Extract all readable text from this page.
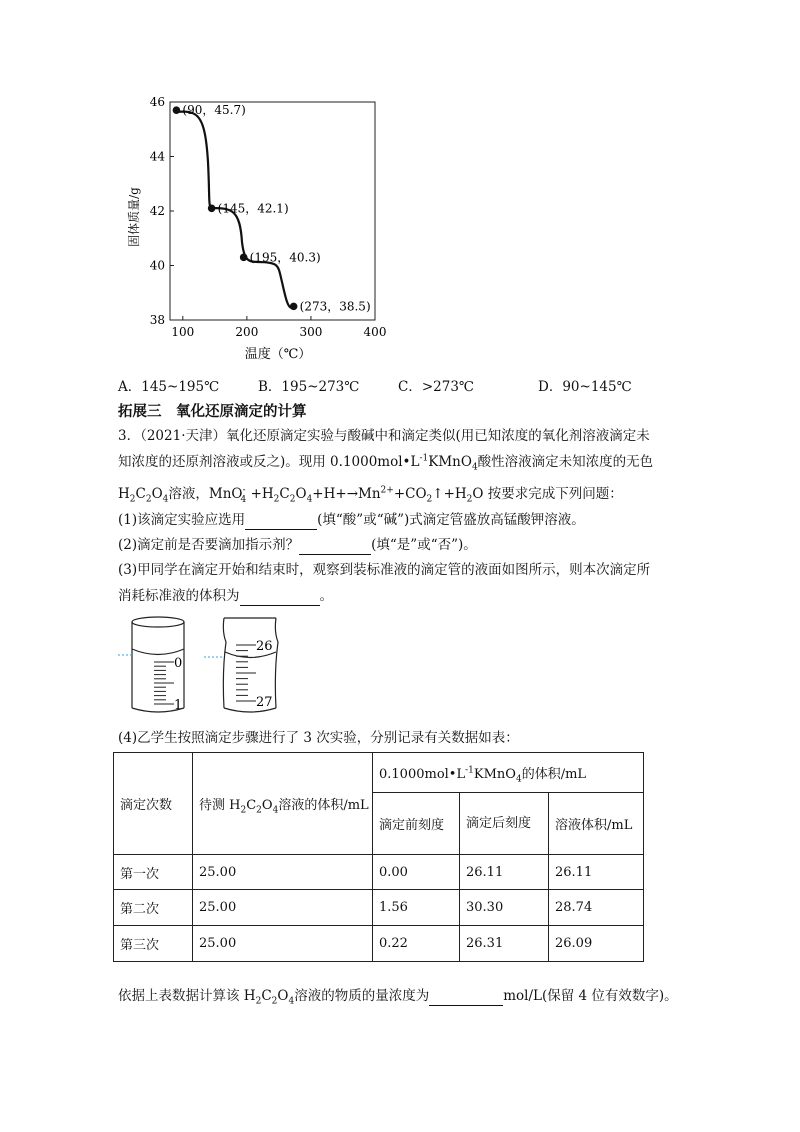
100	200	300	400
38
40
42
44
46
(90，45.7)
(145，42.1)
(195，40.3)
(273，38.5)
固体质量/g
温度（℃）
A．145~195℃	B．195~273℃	C．>273℃	D．90~145℃
拓展三　氧化还原滴定的计算
3．（2021·天津）氧化还原滴定实验与酸碱中和滴定类似(用已知浓度的氧化剂溶液滴定未
知浓度的还原剂溶液或反之)。现用 $0.1000mol•L^{-1}KMnO_4$酸性溶液滴定未知浓度的无色
$H_2C_2O_4$溶液，$MnO^-_4 +H_2C_2O_4+H+\to Mn^{2+}+CO_2↑+H_2O$ 按要求完成下列问题：
(1)该滴定实验应选用	(填“酸”或“碱”)式滴定管盛放高锰酸钾溶液。
(2)滴定前是否要滴加指示剂？	(填“是”或“否”)。
(3)甲同学在滴定开始和结束时，观察到装标准液的滴定管的液面如图所示，则本次滴定所
消耗标准液的体积为	。
0
1
26
27
(4)乙学生按照滴定步骤进行了 3 次实验，分别记录有关数据如表：
滴定次数	待测 $H_2C_2O_4$溶液的体积/mL	$0.1000mol•L^{-1}KMnO_4$的体积/mL		
		滴定前刻度	滴定后刻度	溶液体积/mL
第一次	25.00	0.00	26.11	26.11
第二次	25.00	1.56	30.30	28.74
第三次	25.00	0.22	26.31	26.09
依据上表数据计算该 $H_2C_2O_4$溶液的物质的量浓度为	mol/L(保留 4 位有效数字)。
